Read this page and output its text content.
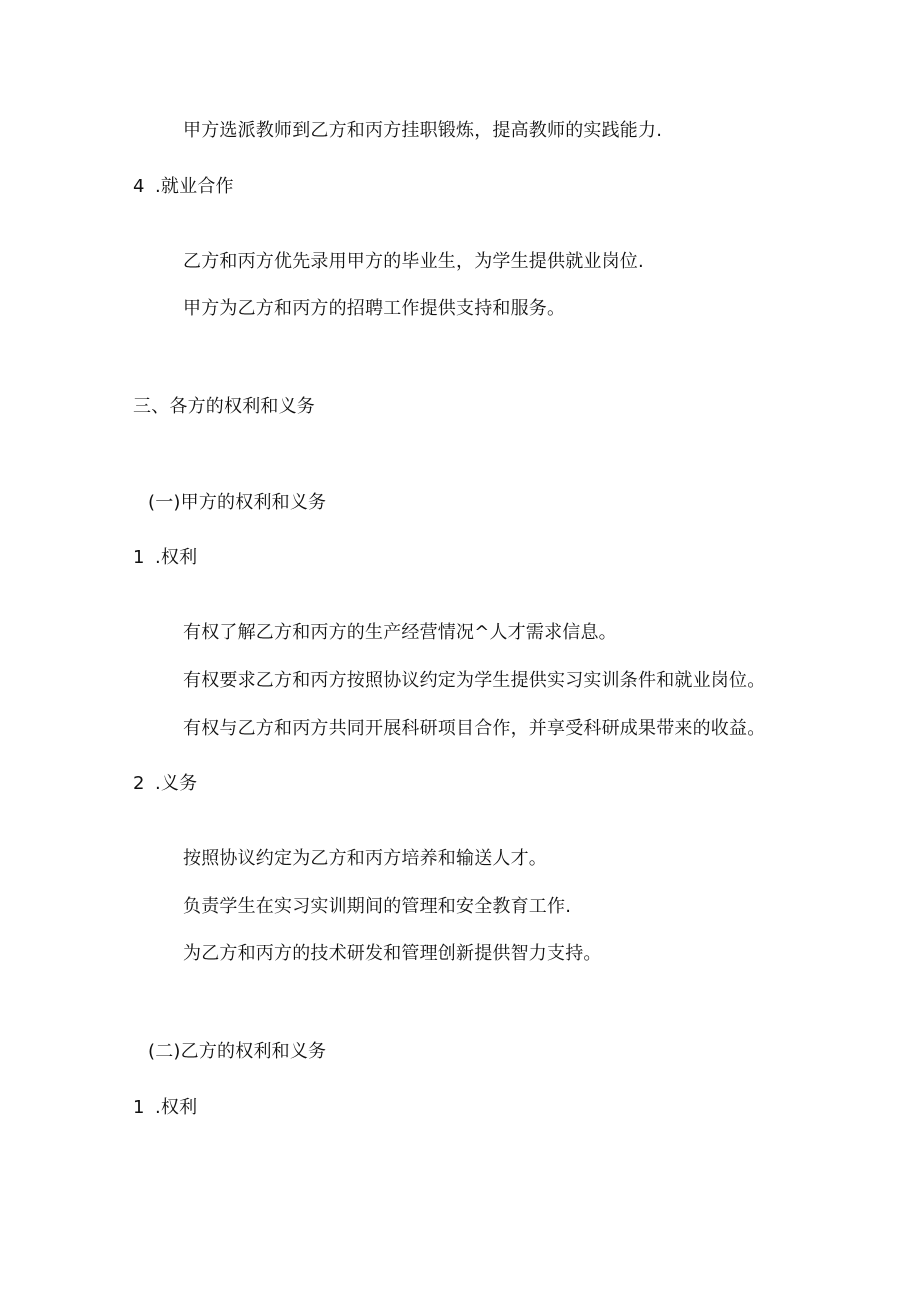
甲方选派教师到乙方和丙方挂职锻炼，提高教师的实践能力.
4 .就业合作
乙方和丙方优先录用甲方的毕业生，为学生提供就业岗位.
甲方为乙方和丙方的招聘工作提供支持和服务。
三、各方的权利和义务
(一)甲方的权利和义务
1 .权利
有权了解乙方和丙方的生产经营情况^人才需求信息。
有权要求乙方和丙方按照协议约定为学生提供实习实训条件和就业岗位。
有权与乙方和丙方共同开展科研项目合作，并享受科研成果带来的收益。
2 .义务
按照协议约定为乙方和丙方培养和输送人才。
负责学生在实习实训期间的管理和安全教育工作.
为乙方和丙方的技术研发和管理创新提供智力支持。
(二)乙方的权利和义务
1 .权利
